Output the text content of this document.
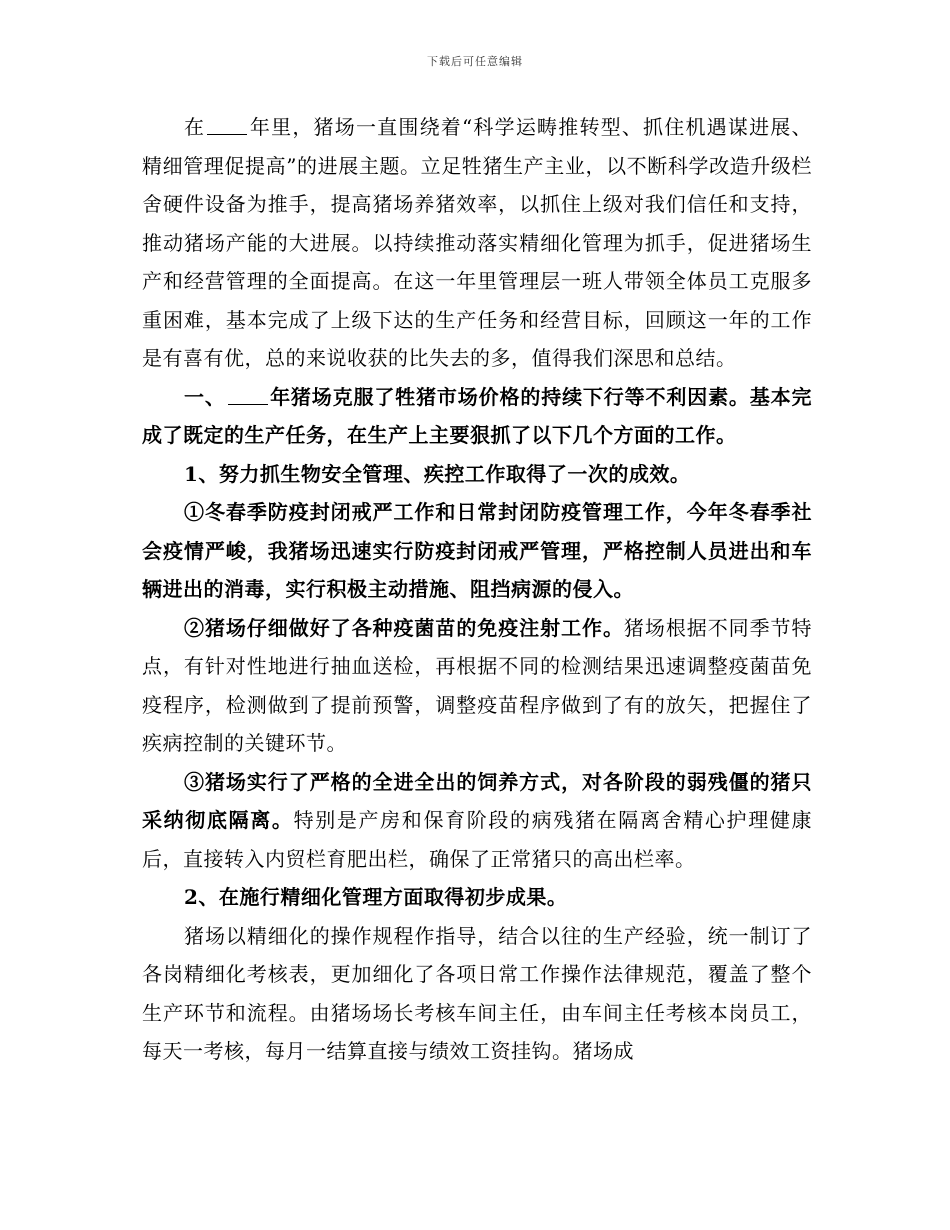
下载后可任意编辑

在 年里，猪场一直围绕着“科学运畴推转型、抓住机遇谋进展、精细管理促提高”的进展主题。立足牲猪生产主业，以不断科学改造升级栏舍硬件设备为推手，提高猪场养猪效率，以抓住上级对我们信任和支持，推动猪场产能的大进展。以持续推动落实精细化管理为抓手，促进猪场生产和经营管理的全面提高。在这一年里管理层一班人带领全体员工克服多重困难，基本完成了上级下达的生产任务和经营目标，回顾这一年的工作是有喜有优，总的来说收获的比失去的多，值得我们深思和总结。

一、 年猪场克服了牲猪市场价格的持续下行等不利因素。基本完成了既定的生产任务，在生产上主要狠抓了以下几个方面的工作。

1、努力抓生物安全管理、疾控工作取得了一次的成效。

①冬春季防疫封闭戒严工作和日常封闭防疫管理工作，今年冬春季社会疫情严峻，我猪场迅速实行防疫封闭戒严管理，严格控制人员进出和车辆进出的消毒，实行积极主动措施、阻挡病源的侵入。

②猪场仔细做好了各种疫菌苗的免疫注射工作。猪场根据不同季节特点，有针对性地进行抽血送检，再根据不同的检测结果迅速调整疫菌苗免疫程序，检测做到了提前预警，调整疫苗程序做到了有的放矢，把握住了疾病控制的关键环节。

③猪场实行了严格的全进全出的饲养方式，对各阶段的弱残僵的猪只采纳彻底隔离。特别是产房和保育阶段的病残猪在隔离舍精心护理健康后，直接转入内贸栏育肥出栏，确保了正常猪只的高出栏率。

2、在施行精细化管理方面取得初步成果。

猪场以精细化的操作规程作指导，结合以往的生产经验，统一制订了各岗精细化考核表，更加细化了各项日常工作操作法律规范，覆盖了整个生产环节和流程。由猪场场长考核车间主任，由车间主任考核本岗员工，每天一考核，每月一结算直接与绩效工资挂钩。猪场成
